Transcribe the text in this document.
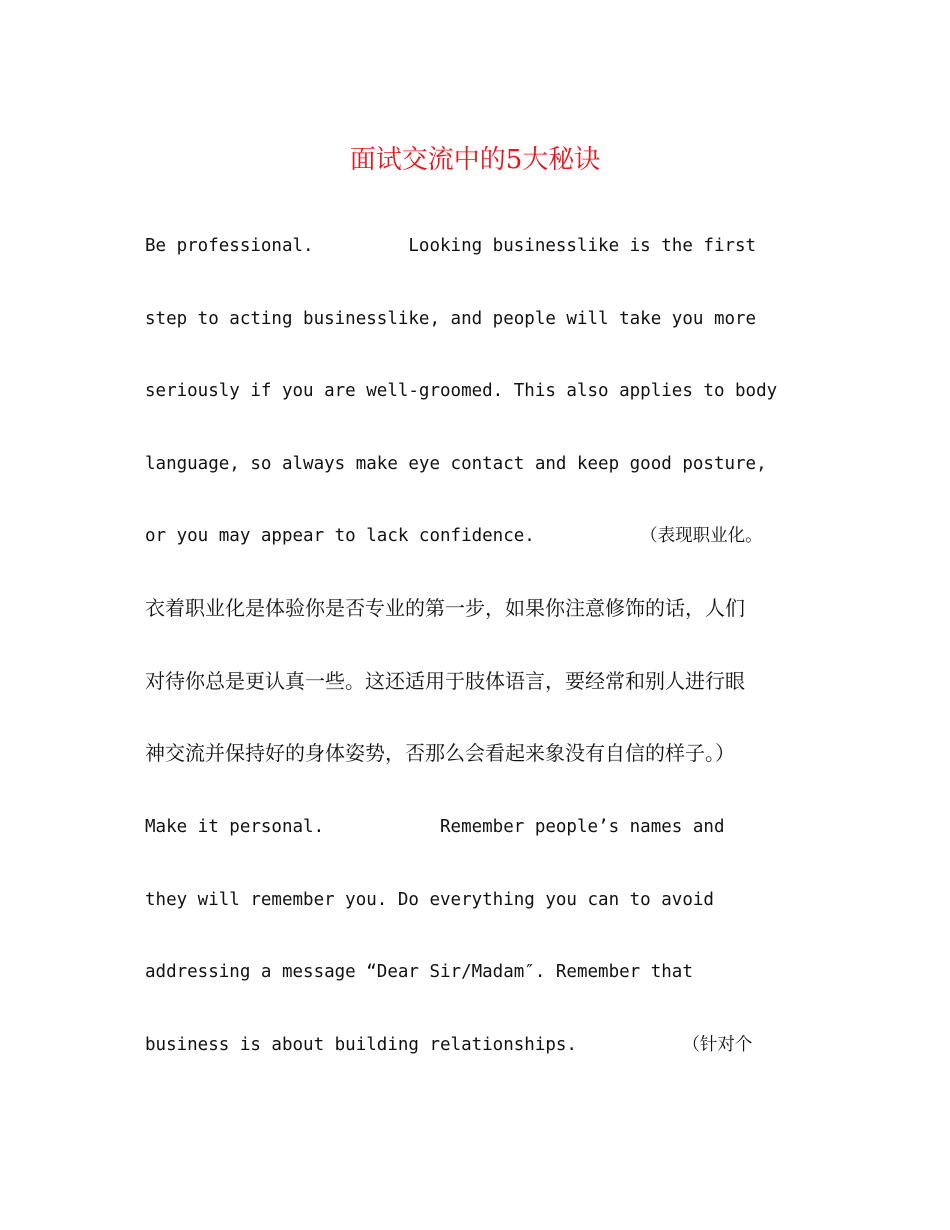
面试交流中的5大秘诀
Be professional.         Looking businesslike is the first
step to acting businesslike, and people will take you more
seriously if you are well-groomed. This also applies to body
language, so always make eye contact and keep good posture,
or you may appear to lack confidence.          （表现职业化。
衣着职业化是体验你是否专业的第一步，如果你注意修饰的话，人们
对待你总是更认真一些。这还适用于肢体语言，要经常和别人进行眼
神交流并保持好的身体姿势，否那么会看起来象没有自信的样子。）
Make it personal.           Remember people’s names and
they will remember you. Do everything you can to avoid
addressing a message “Dear Sir/Madam″. Remember that
business is about building relationships.          （针对个
